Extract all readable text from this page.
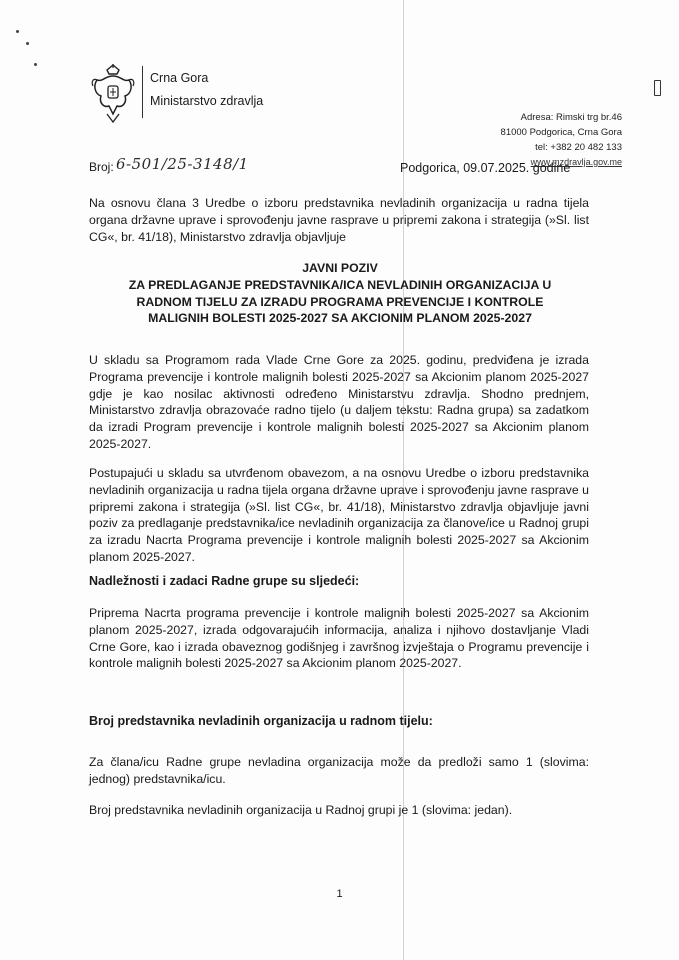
Crna Gora
Ministarstvo zdravlja
Adresa: Rimski trg br.46
81000 Podgorica, Crna Gora
tel: +382 20 482 133
www.mzdravlja.gov.me
Broj: 6-501/25-3148/1	Podgorica, 09.07.2025. godine
Na osnovu člana 3 Uredbe o izboru predstavnika nevladinih organizacija u radna tijela organa državne uprave i sprovođenju javne rasprave u pripremi zakona i strategija (»Sl. list CG«, br. 41/18), Ministarstvo zdravlja objavljuje
JAVNI POZIV
ZA PREDLAGANJE PREDSTAVNIKA/ICA NEVLADINIH ORGANIZACIJA U
RADNOM TIJELU ZA IZRADU PROGRAMA PREVENCIJE I KONTROLE
MALIGNIH BOLESTI 2025-2027 SA AKCIONIM PLANOM 2025-2027
U skladu sa Programom rada Vlade Crne Gore za 2025. godinu, predviđena je izrada Programa prevencije i kontrole malignih bolesti 2025-2027 sa Akcionim planom 2025-2027 gdje je kao nosilac aktivnosti određeno Ministarstvu zdravlja. Shodno prednjem, Ministarstvo zdravlja obrazovaće radno tijelo (u daljem tekstu: Radna grupa) sa zadatkom da izradi Program prevencije i kontrole malignih bolesti 2025-2027 sa Akcionim planom 2025-2027.
Postupajući u skladu sa utvrđenom obavezom, a na osnovu Uredbe o izboru predstavnika nevladinih organizacija u radna tijela organa državne uprave i sprovođenju javne rasprave u pripremi zakona i strategija (»Sl. list CG«, br. 41/18), Ministarstvo zdravlja objavljuje javni poziv za predlaganje predstavnika/ice nevladinih organizacija za članove/ice u Radnoj grupi za izradu Nacrta Programa prevencije i kontrole malignih bolesti 2025-2027 sa Akcionim planom 2025-2027.
Nadležnosti i zadaci Radne grupe su sljedeći:
Priprema Nacrta programa prevencije i kontrole malignih bolesti 2025-2027 sa Akcionim planom 2025-2027, izrada odgovarajućih informacija, analiza i njihovo dostavljanje Vladi Crne Gore, kao i izrada obaveznog godišnjeg i završnog izvještaja o Programu prevencije i kontrole malignih bolesti 2025-2027 sa Akcionim planom 2025-2027.
Broj predstavnika nevladinih organizacija u radnom tijelu:
Za člana/icu Radne grupe nevladina organizacija može da predloži samo 1 (slovima: jednog) predstavnika/icu.
Broj predstavnika nevladinih organizacija u Radnoj grupi je 1 (slovima: jedan).
1
